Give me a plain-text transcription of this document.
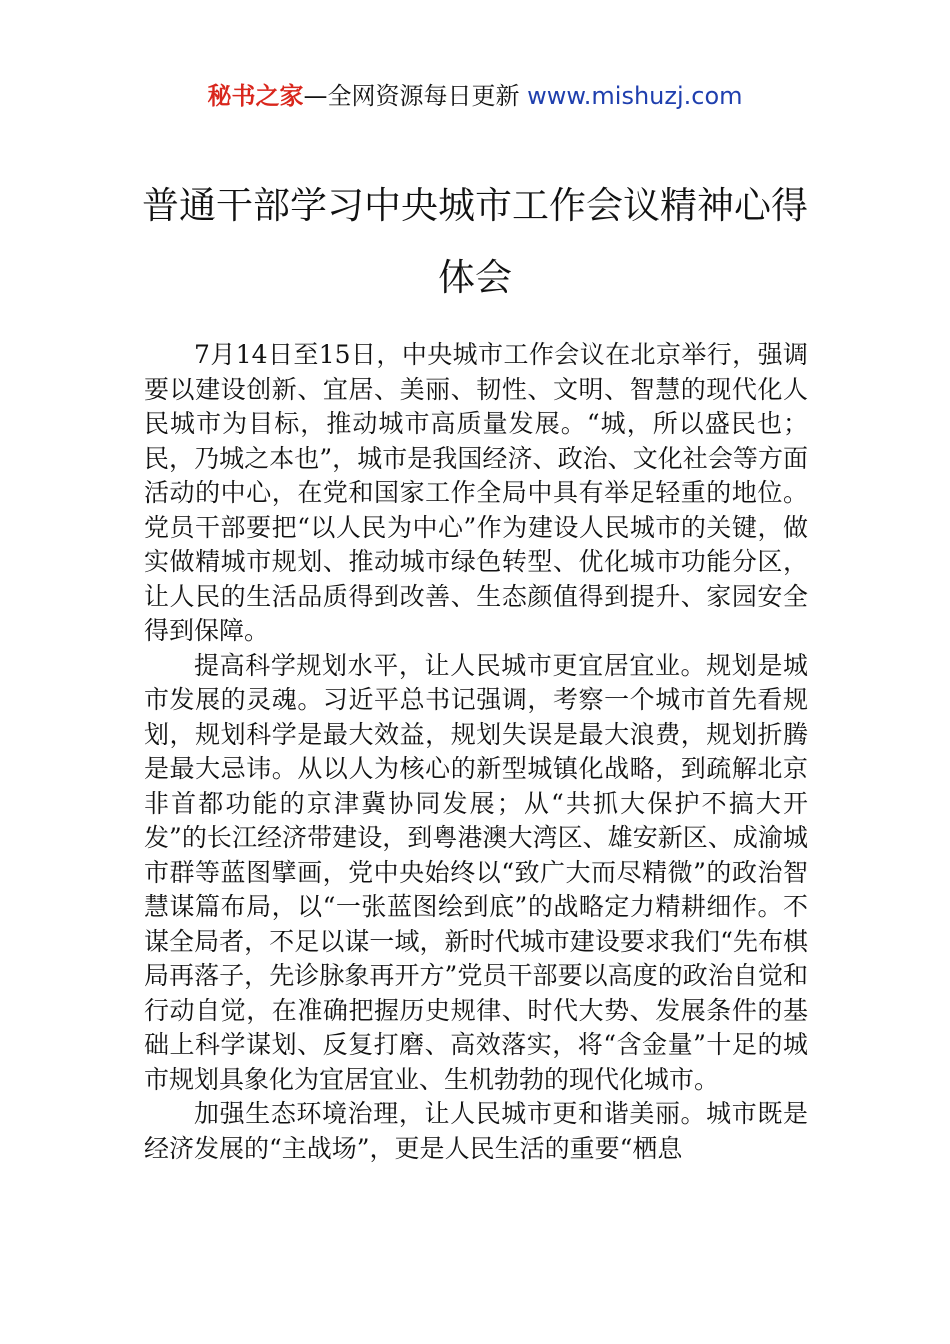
秘书之家—全网资源每日更新 www.mishuzj.com
普通干部学习中央城市工作会议精神心得体会

7月14日至15日，中央城市工作会议在北京举行，强调要以建设创新、宜居、美丽、韧性、文明、智慧的现代化人民城市为目标，推动城市高质量发展。“城，所以盛民也；民，乃城之本也”，城市是我国经济、政治、文化社会等方面活动的中心，在党和国家工作全局中具有举足轻重的地位。党员干部要把“以人民为中心”作为建设人民城市的关键，做实做精城市规划、推动城市绿色转型、优化城市功能分区，让人民的生活品质得到改善、生态颜值得到提升、家园安全得到保障。

提高科学规划水平，让人民城市更宜居宜业。规划是城市发展的灵魂。习近平总书记强调，考察一个城市首先看规划，规划科学是最大效益，规划失误是最大浪费，规划折腾是最大忌讳。从以人为核心的新型城镇化战略，到疏解北京非首都功能的京津冀协同发展；从“共抓大保护不搞大开发”的长江经济带建设，到粤港澳大湾区、雄安新区、成渝城市群等蓝图擘画，党中央始终以“致广大而尽精微”的政治智慧谋篇布局，以“一张蓝图绘到底”的战略定力精耕细作。不谋全局者，不足以谋一域，新时代城市建设要求我们“先布棋局再落子，先诊脉象再开方”党员干部要以高度的政治自觉和行动自觉，在准确把握历史规律、时代大势、发展条件的基础上科学谋划、反复打磨、高效落实，将“含金量”十足的城市规划具象化为宜居宜业、生机勃勃的现代化城市。

加强生态环境治理，让人民城市更和谐美丽。城市既是经济发展的“主战场”，更是人民生活的重要“栖息
